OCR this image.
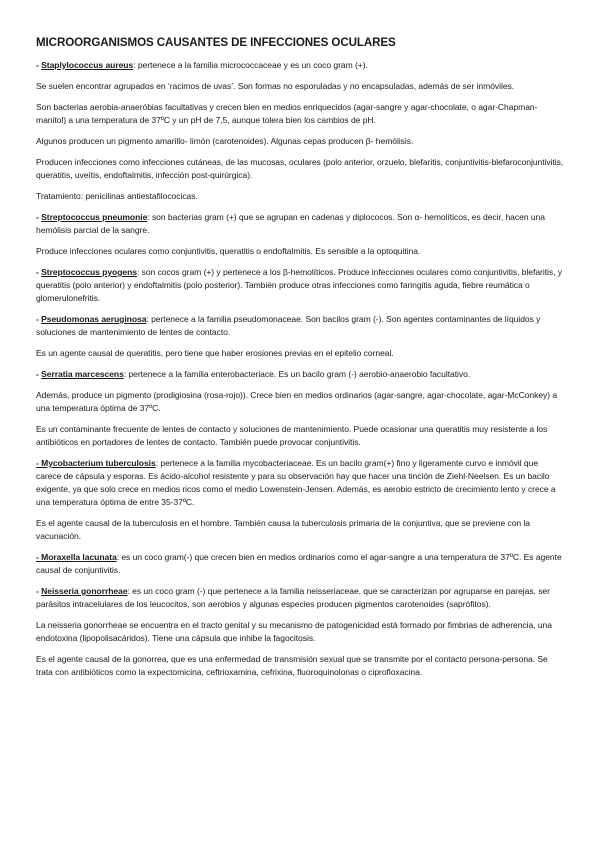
MICROORGANISMOS CAUSANTES DE INFECCIONES OCULARES

- Staplylococcus aureus: pertenece a la familia micrococcaceae y es un coco gram (+).

Se suelen encontrar agrupados en ‘racimos de uvas’. Son formas no esporuladas y no encapsuladas, además de ser inmóviles.

Son bacterias aerobia-anaeróbias facultativas y crecen bien en medios enriquecidos (agar-sangre y agar-chocolate, o agar-Chapman- manitol) a una temperatura de 37ºC y un pH de 7,5, aunque tolera bien los cambios de pH.

Algunos producen un pigmento amarillo- limón (carotenoides). Algunas cepas producen β- hemólisis.

Producen infecciones como infecciones cutáneas, de las mucosas, oculares (polo anterior, orzuelo, blefaritis, conjuntivitis-blefaroconjuntivitis, queratitis, uveítis, endoftalmitis, infección post-quirúrgica).

Tratamiento: penicilinas antiestafilococicas.

- Streptococcus pneumonie: son bacterias gram (+) que se agrupan en cadenas y diplococos. Son α- hemolíticos, es decir, hacen una hemólisis parcial de la sangre.

Produce infecciones oculares como conjuntivitis, queratitis o endoftalmitis. Es sensible a la optoquitina.

- Streptococcus pyogens: son cocos gram (+) y pertenece a los β-hemolíticos. Produce infecciones oculares como conjuntivitis, blefaritis, y queratitis (polo anterior) y endoftalmitis (polo posterior). También produce otras infecciones como faringitis aguda, fiebre reumática o glomerulonefritis.

- Pseudomonas aeruginosa: pertenece a la familia pseudomonaceae. Son bacilos gram (-). Son agentes contaminantes de líquidos y soluciones de mantenimiento de lentes de contacto.

Es un agente causal de queratitis, pero tiene que haber erosiones previas en el epitelio corneal.

- Serratia marcescens: pertenece a la familia enterobacteriace. Es un bacilo gram (-) aerobio-anaerobio facultativo.

Además, produce un pigmento (prodigiosina (rosa-rojo)). Crece bien en medios ordinarios (agar-sangre, agar-chocolate, agar-McConkey) a una temperatura óptima de 37ºC.

Es un contaminante frecuente de lentes de contacto y soluciones de mantenimiento. Puede ocasionar una queratitis muy resistente a los antibióticos en portadores de lentes de contacto. También puede provocar conjuntivitis.

- Mycobacterium tuberculosis: pertenece a la familia mycobacteriaceae. Es un bacilo gram(+) fino y ligeramente curvo e inmóvil que carece de cápsula y esporas. Es ácido-alcohol resistente y para su observación hay que hacer una tinción de Ziehl-Neelsen. Es un bacilo exigente, ya que solo crece en medios ricos como el medio Lowenstein-Jensen. Además, es aerobio estricto de crecimiento lento y crece a una temperatura óptima de entre 35-37ºC.

Es el agente causal de la tuberculosis en el hombre. También causa la tuberculosis primaria de la conjuntiva, que se previene con la vacunación.

- Moraxella lacunata: es un coco gram(-) que crecen bien en medios ordinarios como el agar-sangre a una temperatura de 37ºC. Es agente causal de conjuntivitis.

- Neisseria gonorrheae: es un coco gram (-) que pertenece a la familia neisseriaceae, que se caracterizan por agruparse en parejas, ser parásitos intracelulares de los leucocitos, son aerobios y algunas especies producen pigmentos carotenoides (saprófitos).

La neisseria gonorrheae se encuentra en el tracto genital y su mecanismo de patogenicidad está formado por fimbrias de adherencia, una endotoxina (lipopolisacáridos). Tiene una cápsula que inhibe la fagocitosis.

Es el agente causal de la gonorrea, que es una enfermedad de transmisión sexual que se transmite por el contacto persona-persona. Se trata con antibióticos como la expectomicina, ceftrioxamina, cefrixina, fluoroquinolonas o ciprofloxacina.
